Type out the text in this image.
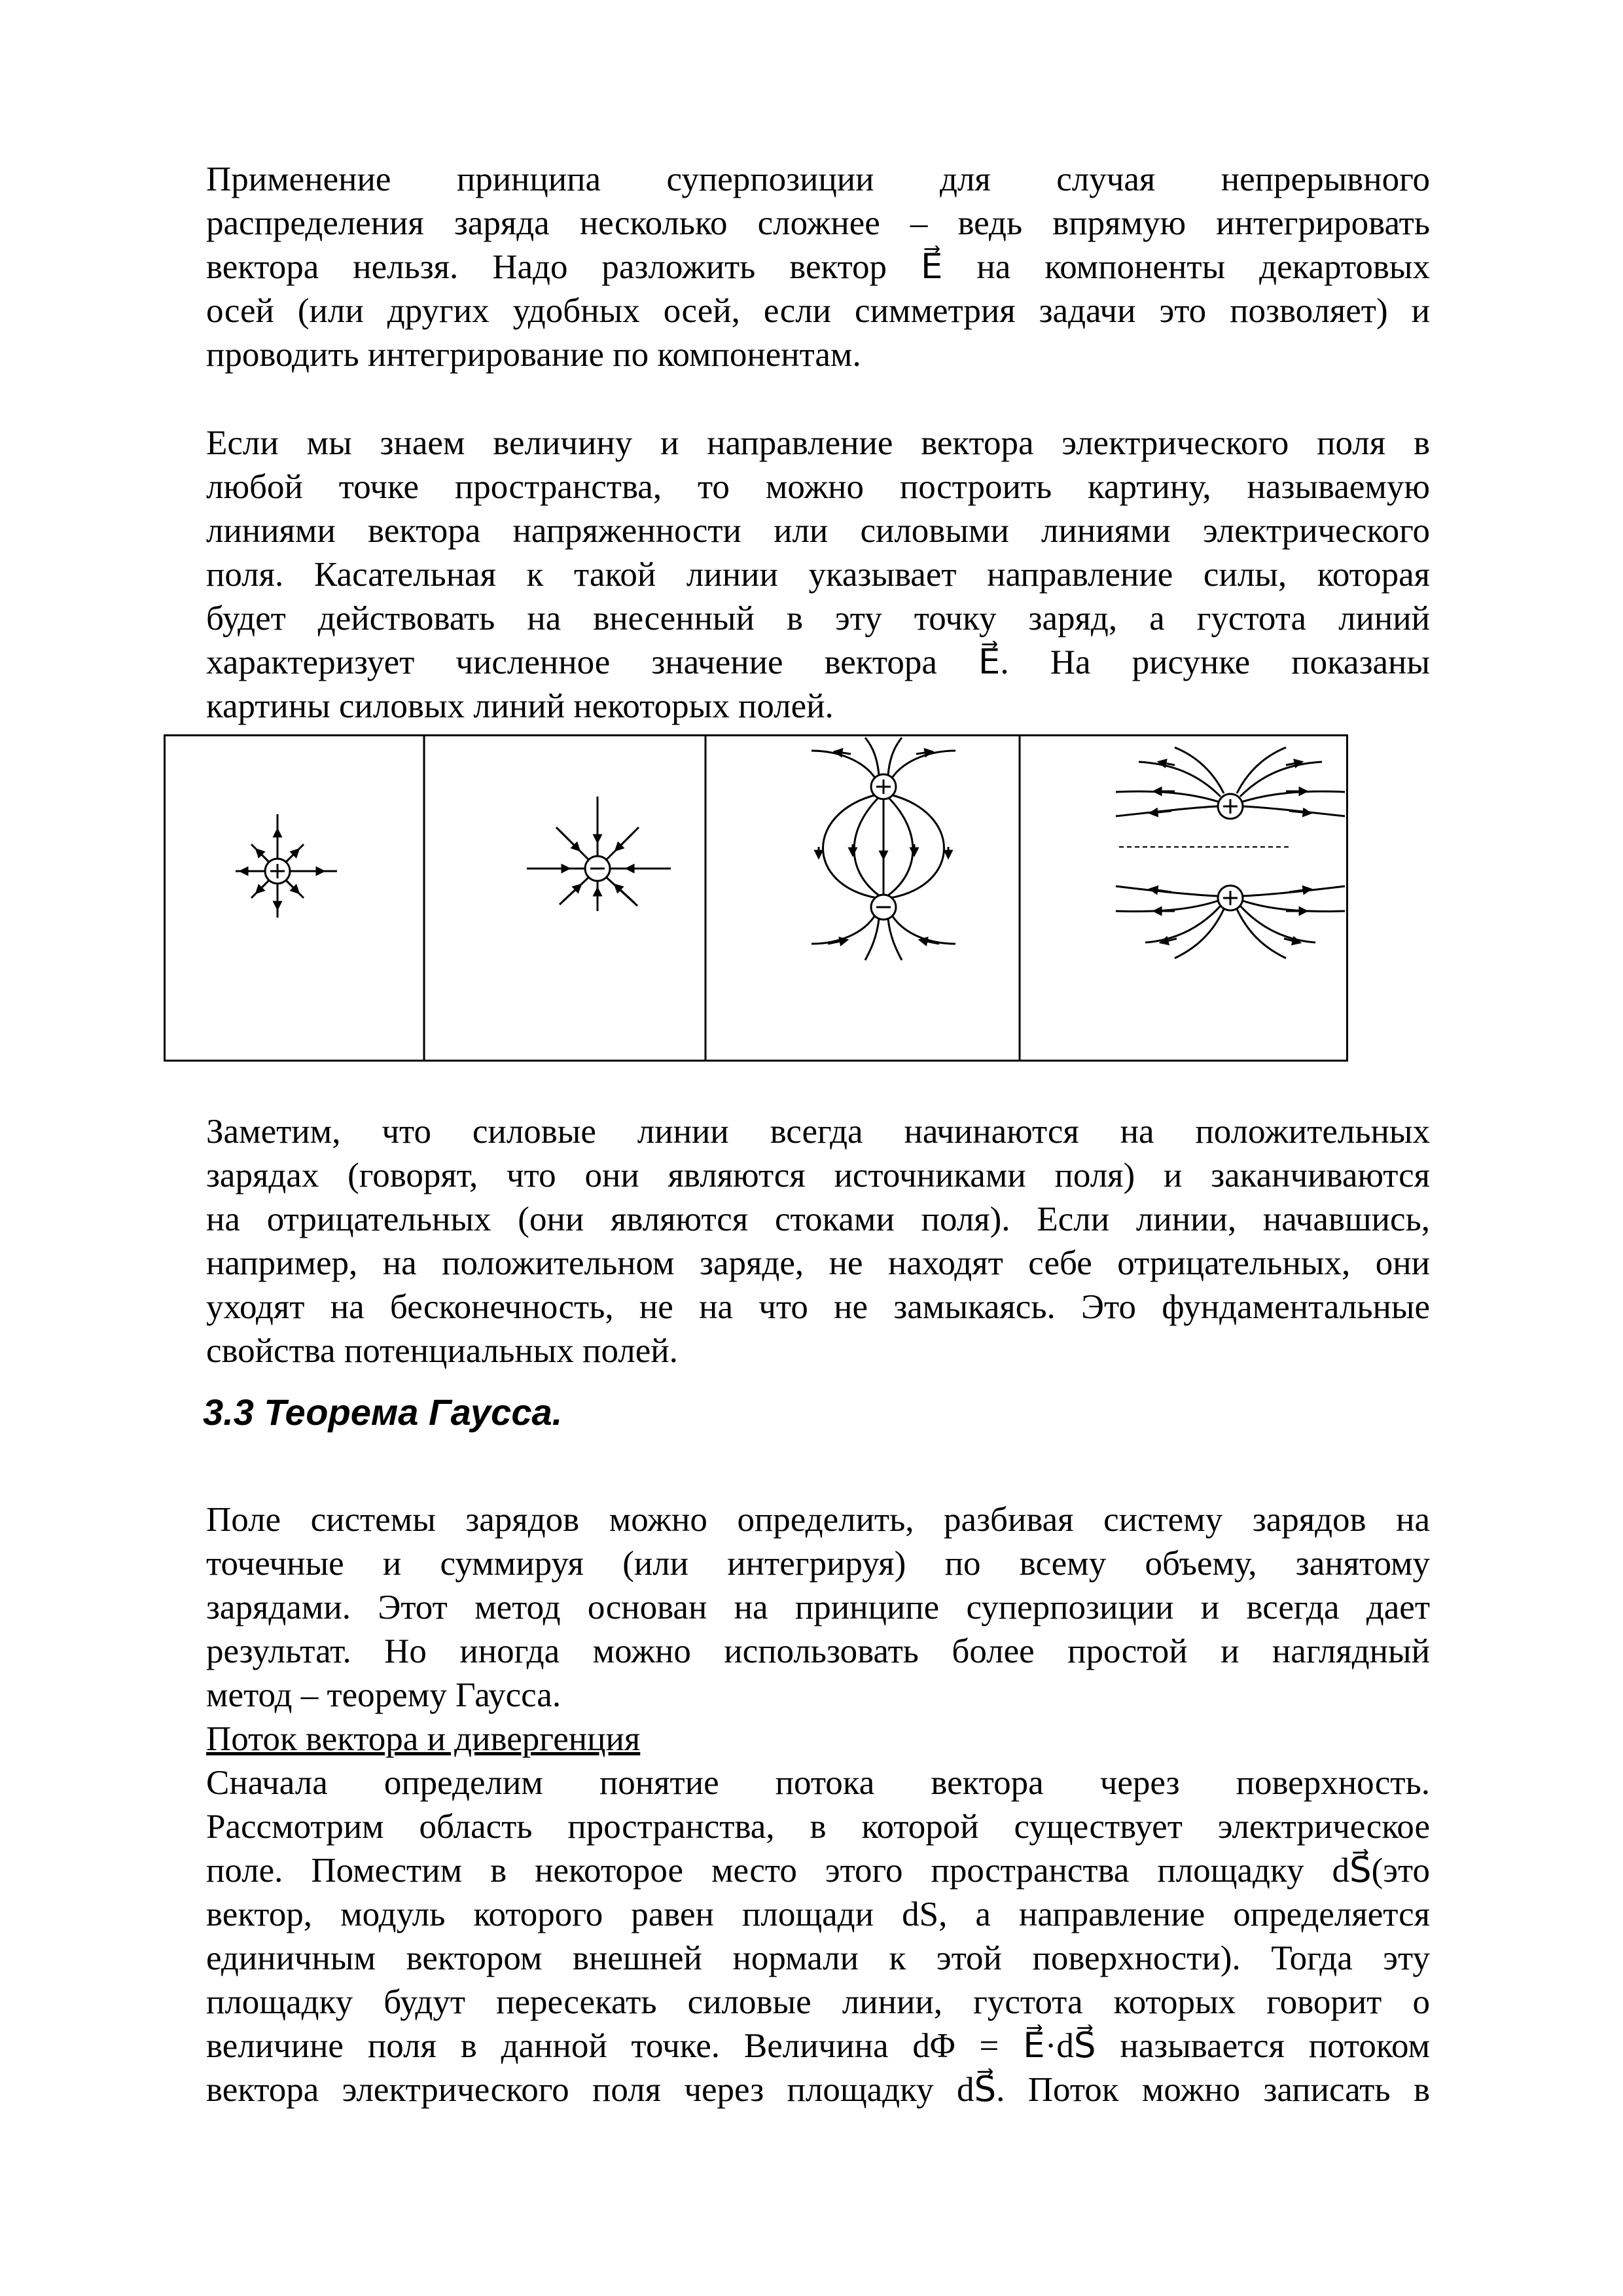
Применение принципа суперпозиции для случая непрерывного
распределения заряда несколько сложнее – ведь впрямую интегрировать
вектора нельзя. Надо разложить вектор E⃗ на компоненты декартовых
осей (или других удобных осей, если симметрия задачи это позволяет) и
проводить интегрирование по компонентам.
Если мы знаем величину и направление вектора электрического поля в
любой точке пространства, то можно построить картину, называемую
линиями вектора напряженности или силовыми линиями электрического
поля. Касательная к такой линии указывает направление силы, которая
будет действовать на внесенный в эту точку заряд, а густота линий
характеризует численное значение вектора E⃗. На рисунке показаны
картины силовых линий некоторых полей.
Заметим, что силовые линии всегда начинаются на положительных
зарядах (говорят, что они являются источниками поля) и заканчиваются
на отрицательных (они являются стоками поля). Если линии, начавшись,
например, на положительном заряде, не находят себе отрицательных, они
уходят на бесконечность, не на что не замыкаясь. Это фундаментальные
свойства потенциальных полей.
3.3 Теорема Гаусса.
Поле системы зарядов можно определить, разбивая систему зарядов на
точечные и суммируя (или интегрируя) по всему объему, занятому
зарядами. Этот метод основан на принципе суперпозиции и всегда дает
результат. Но иногда можно использовать более простой и наглядный
метод – теорему Гаусса.
Поток вектора и дивергенция
Сначала определим понятие потока вектора через поверхность.
Рассмотрим область пространства, в которой существует электрическое
поле. Поместим в некоторое место этого пространства площадку dS⃗(это
вектор, модуль которого равен площади dS, а направление определяется
единичным вектором внешней нормали к этой поверхности). Тогда эту
площадку будут пересекать силовые линии, густота которых говорит о
величине поля в данной точке. Величина dΦ = E⃗·dS⃗ называется потоком
вектора электрического поля через площадку dS⃗. Поток можно записать в
